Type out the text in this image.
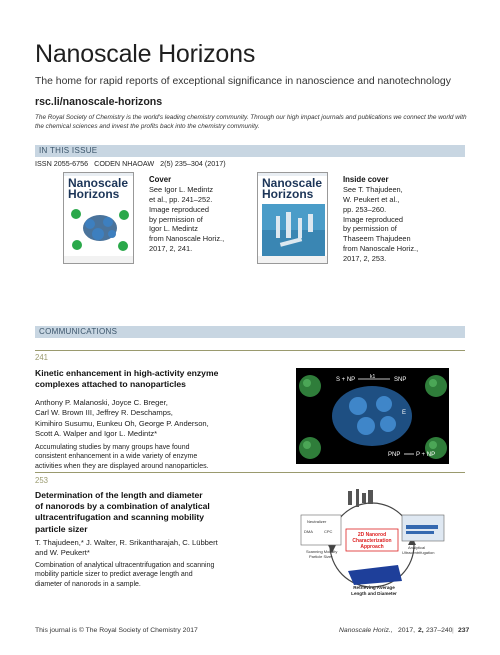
Nanoscale Horizons
The home for rapid reports of exceptional significance in nanoscience and nanotechnology
rsc.li/nanoscale-horizons
The Royal Society of Chemistry is the world's leading chemistry community. Through our high impact journals and publications we connect the world with the chemical sciences and invest the profits back into the chemistry community.
IN THIS ISSUE
ISSN 2055-6756   CODEN NHAOAW   2(5) 235–304 (2017)
Nanoscale Horizons
Cover
See Igor L. Medintz
et al., pp. 241–252.
Image reproduced
by permission of
Igor L. Medintz
from Nanoscale Horiz.,
2017, 2, 241.
Nanoscale Horizons
Inside cover
See T. Thajudeen,
W. Peukert et al.,
pp. 253–260.
Image reproduced
by permission of
Thaseem Thajudeen
from Nanoscale Horiz.,
2017, 2, 253.
COMMUNICATIONS
241
Kinetic enhancement in high-activity enzyme
complexes attached to nanoparticles
Anthony P. Malanoski, Joyce C. Breger,
Carl W. Brown III, Jeffrey R. Deschamps,
Kimihiro Susumu, Eunkeu Oh, George P. Anderson,
Scott A. Walper and Igor L. Medintz*
Accumulating studies by many groups have found
consistent enhancement in a wide variety of enzyme
activities when they are displayed around nanoparticles.
S + NP	SNP
k1
E
PNP	P + NP
253
Determination of the length and diameter
of nanorods by a combination of analytical
ultracentrifugation and scanning mobility
particle sizer
T. Thajudeen,* J. Walter, R. Srikantharajah, C. Lübbert
and W. Peukert*
Combination of analytical ultracentrifugation and scanning
mobility particle sizer to predict average length and
diameter of nanorods in a sample.
2D Nanorod
Characterization
Approach
Neutralizer
DMA	CPC
Scanning Mobility
Particle Sizer
Analytical
Ultracentrifugation
Retrieving Average
Length and Diameter
This journal is © The Royal Society of Chemistry 2017	Nanoscale Horiz., 2017, 2, 237–240 | 237
